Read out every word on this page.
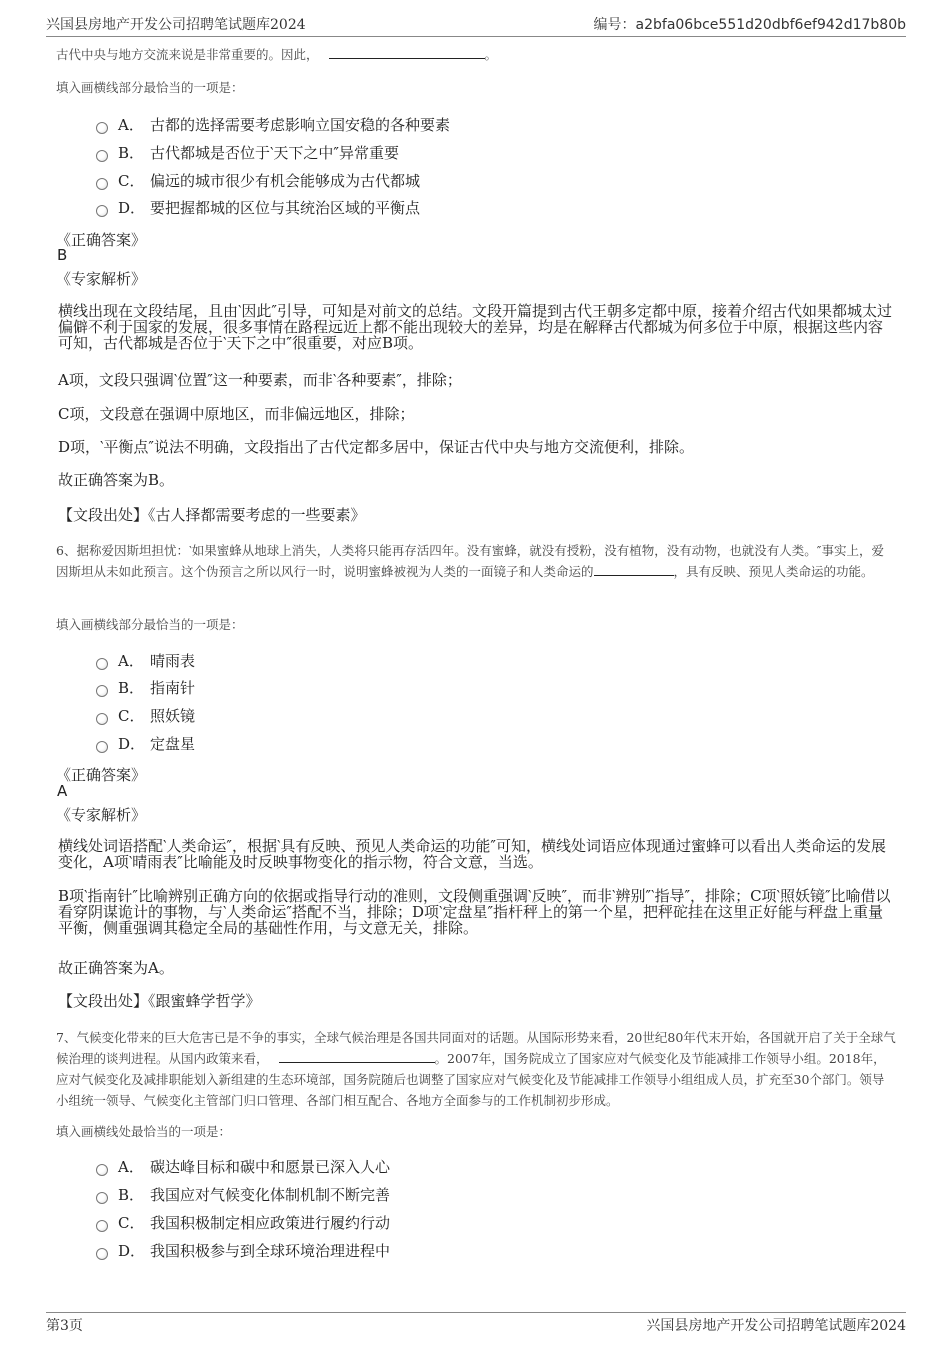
兴国县房地产开发公司招聘笔试题库2024	编号：a2bfa06bce551d20dbf6ef942d17b80b
古代中央与地方交流来说是非常重要的。因此，	。
填入画横线部分最恰当的一项是：
A． 古都的选择需要考虑影响立国安稳的各种要素
B． 古代都城是否位于‵天下之中″异常重要
C． 偏远的城市很少有机会能够成为古代都城
D． 要把握都城的区位与其统治区域的平衡点
《正确答案》
B
《专家解析》
横线出现在文段结尾，且由‵因此″引导，可知是对前文的总结。文段开篇提到古代王朝多定都中原，接着介绍古代如果都城太过偏僻不利于国家的发展，很多事情在路程远近上都不能出现较大的差异，均是在解释古代都城为何多位于中原，根据这些内容可知，古代都城是否位于‵天下之中″很重要，对应B项。
A项，文段只强调‵位置″这一种要素，而非‵各种要素″，排除；
C项，文段意在强调中原地区，而非偏远地区，排除；
D项，‵平衡点″说法不明确，文段指出了古代定都多居中，保证古代中央与地方交流便利，排除。
故正确答案为B。
【文段出处】《古人择都需要考虑的一些要素》
6、据称爱因斯坦担忧：‵如果蜜蜂从地球上消失，人类将只能再存活四年。没有蜜蜂，就没有授粉，没有植物，没有动物，也就没有人类。″事实上，爱因斯坦从未如此预言。这个伪预言之所以风行一时，说明蜜蜂被视为人类的一面镜子和人类命运的	，具有反映、预见人类命运的功能。
填入画横线部分最恰当的一项是：
A． 晴雨表
B． 指南针
C． 照妖镜
D． 定盘星
《正确答案》
A
《专家解析》
横线处词语搭配‵人类命运″，根据‵具有反映、预见人类命运的功能″可知，横线处词语应体现通过蜜蜂可以看出人类命运的发展变化，A项‵晴雨表″比喻能及时反映事物变化的指示物，符合文意，当选。
B项‵指南针″比喻辨别正确方向的依据或指导行动的准则，文段侧重强调‵反映″，而非‵辨别″‵指导″，排除；C项‵照妖镜″比喻借以看穿阴谋诡计的事物，与‵人类命运″搭配不当，排除；D项‵定盘星″指杆秤上的第一个星，把秤砣挂在这里正好能与秤盘上重量平衡，侧重强调其稳定全局的基础性作用，与文意无关，排除。
故正确答案为A。
【文段出处】《跟蜜蜂学哲学》
7、气候变化带来的巨大危害已是不争的事实，全球气候治理是各国共同面对的话题。从国际形势来看，20世纪80年代末开始，各国就开启了关于全球气候治理的谈判进程。从国内政策来看，	。2007年，国务院成立了国家应对气候变化及节能减排工作领导小组。2018年，应对气候变化及减排职能划入新组建的生态环境部，国务院随后也调整了国家应对气候变化及节能减排工作领导小组组成人员，扩充至30个部门。领导小组统一领导、气候变化主管部门归口管理、各部门相互配合、各地方全面参与的工作机制初步形成。
填入画横线处最恰当的一项是：
A． 碳达峰目标和碳中和愿景已深入人心
B． 我国应对气候变化体制机制不断完善
C． 我国积极制定相应政策进行履约行动
D． 我国积极参与到全球环境治理进程中
第3页	兴国县房地产开发公司招聘笔试题库2024
